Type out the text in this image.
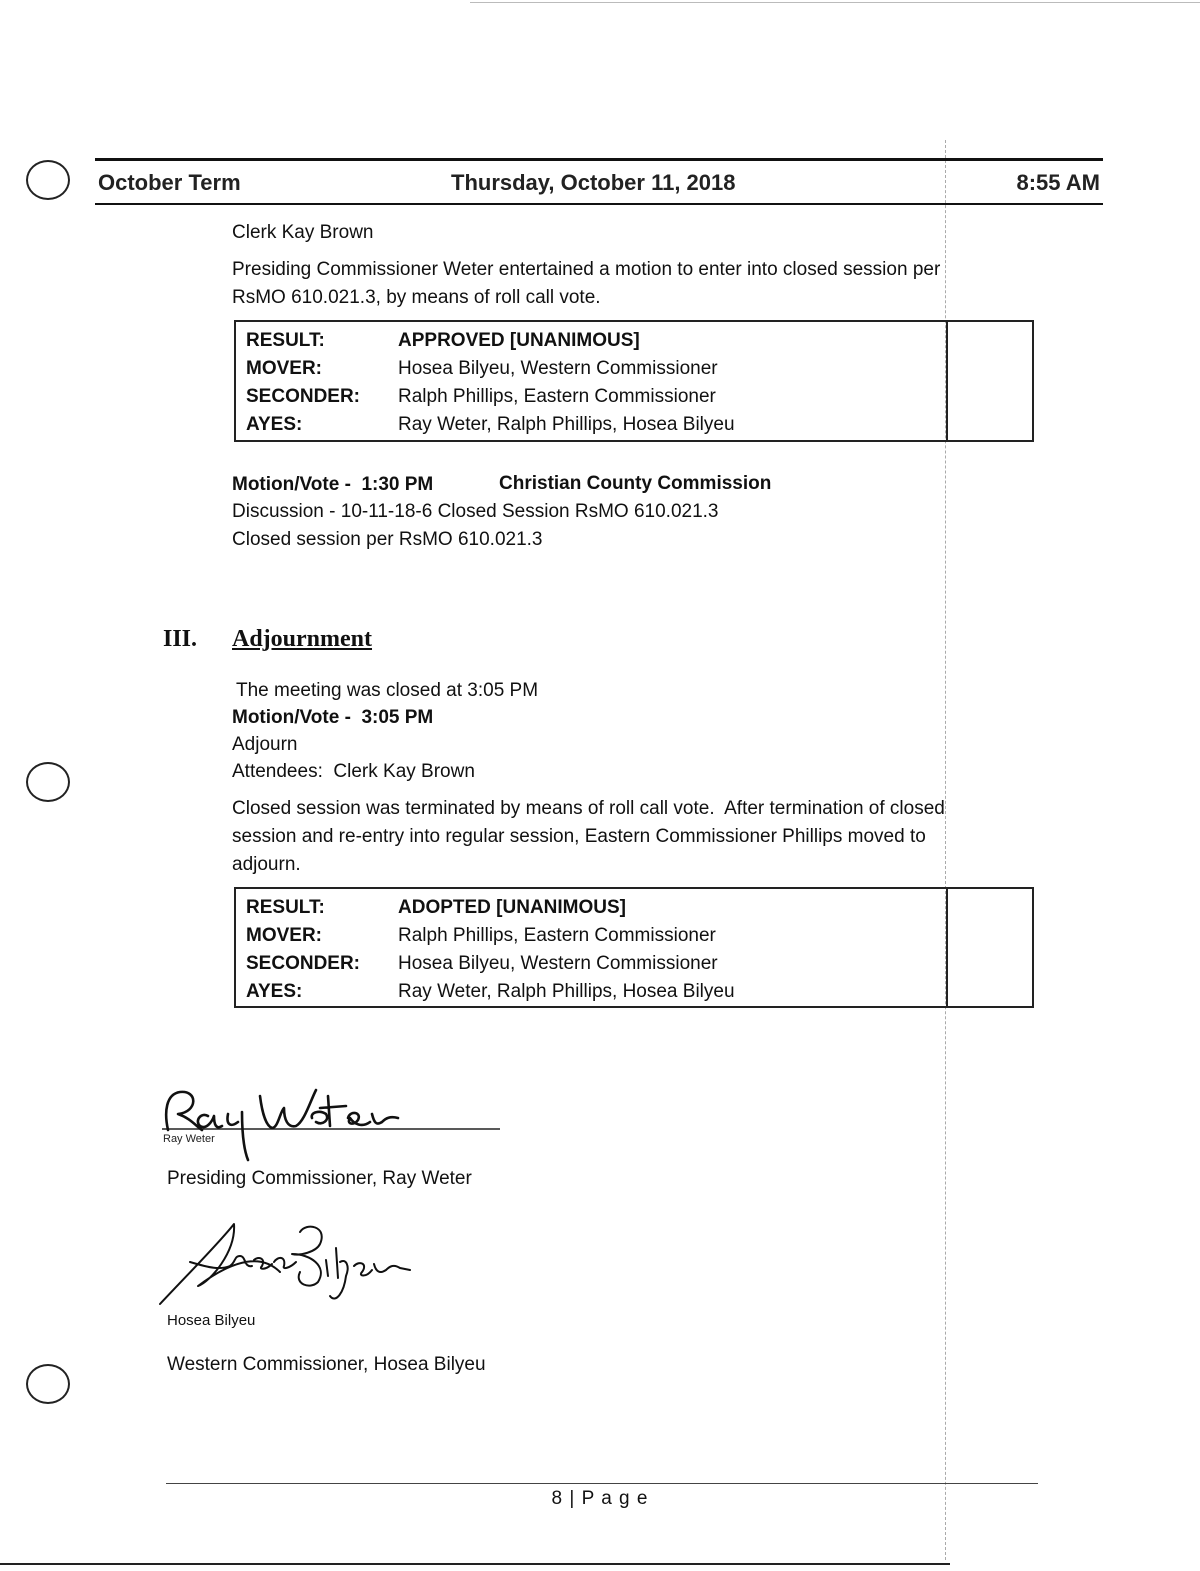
October Term	Thursday, October 11, 2018	8:55 AM
Clerk Kay Brown
Presiding Commissioner Weter entertained a motion to enter into closed session per
RsMO 610.021.3, by means of roll call vote.
RESULT:	APPROVED [UNANIMOUS]
MOVER:	Hosea Bilyeu, Western Commissioner
SECONDER:	Ralph Phillips, Eastern Commissioner
AYES:	Ray Weter, Ralph Phillips, Hosea Bilyeu
Motion/Vote -  1:30 PM	Christian County Commission
Discussion - 10-11-18-6 Closed Session RsMO 610.021.3
Closed session per RsMO 610.021.3
III. Adjournment
The meeting was closed at 3:05 PM
Motion/Vote -  3:05 PM
Adjourn
Attendees:  Clerk Kay Brown
Closed session was terminated by means of roll call vote.  After termination of closed
session and re-entry into regular session, Eastern Commissioner Phillips moved to
adjourn.
RESULT:	ADOPTED [UNANIMOUS]
MOVER:	Ralph Phillips, Eastern Commissioner
SECONDER:	Hosea Bilyeu, Western Commissioner
AYES:	Ray Weter, Ralph Phillips, Hosea Bilyeu
Ray Weter
Presiding Commissioner, Ray Weter
Hosea Bilyeu
Western Commissioner, Hosea Bilyeu
8 | P a g e
